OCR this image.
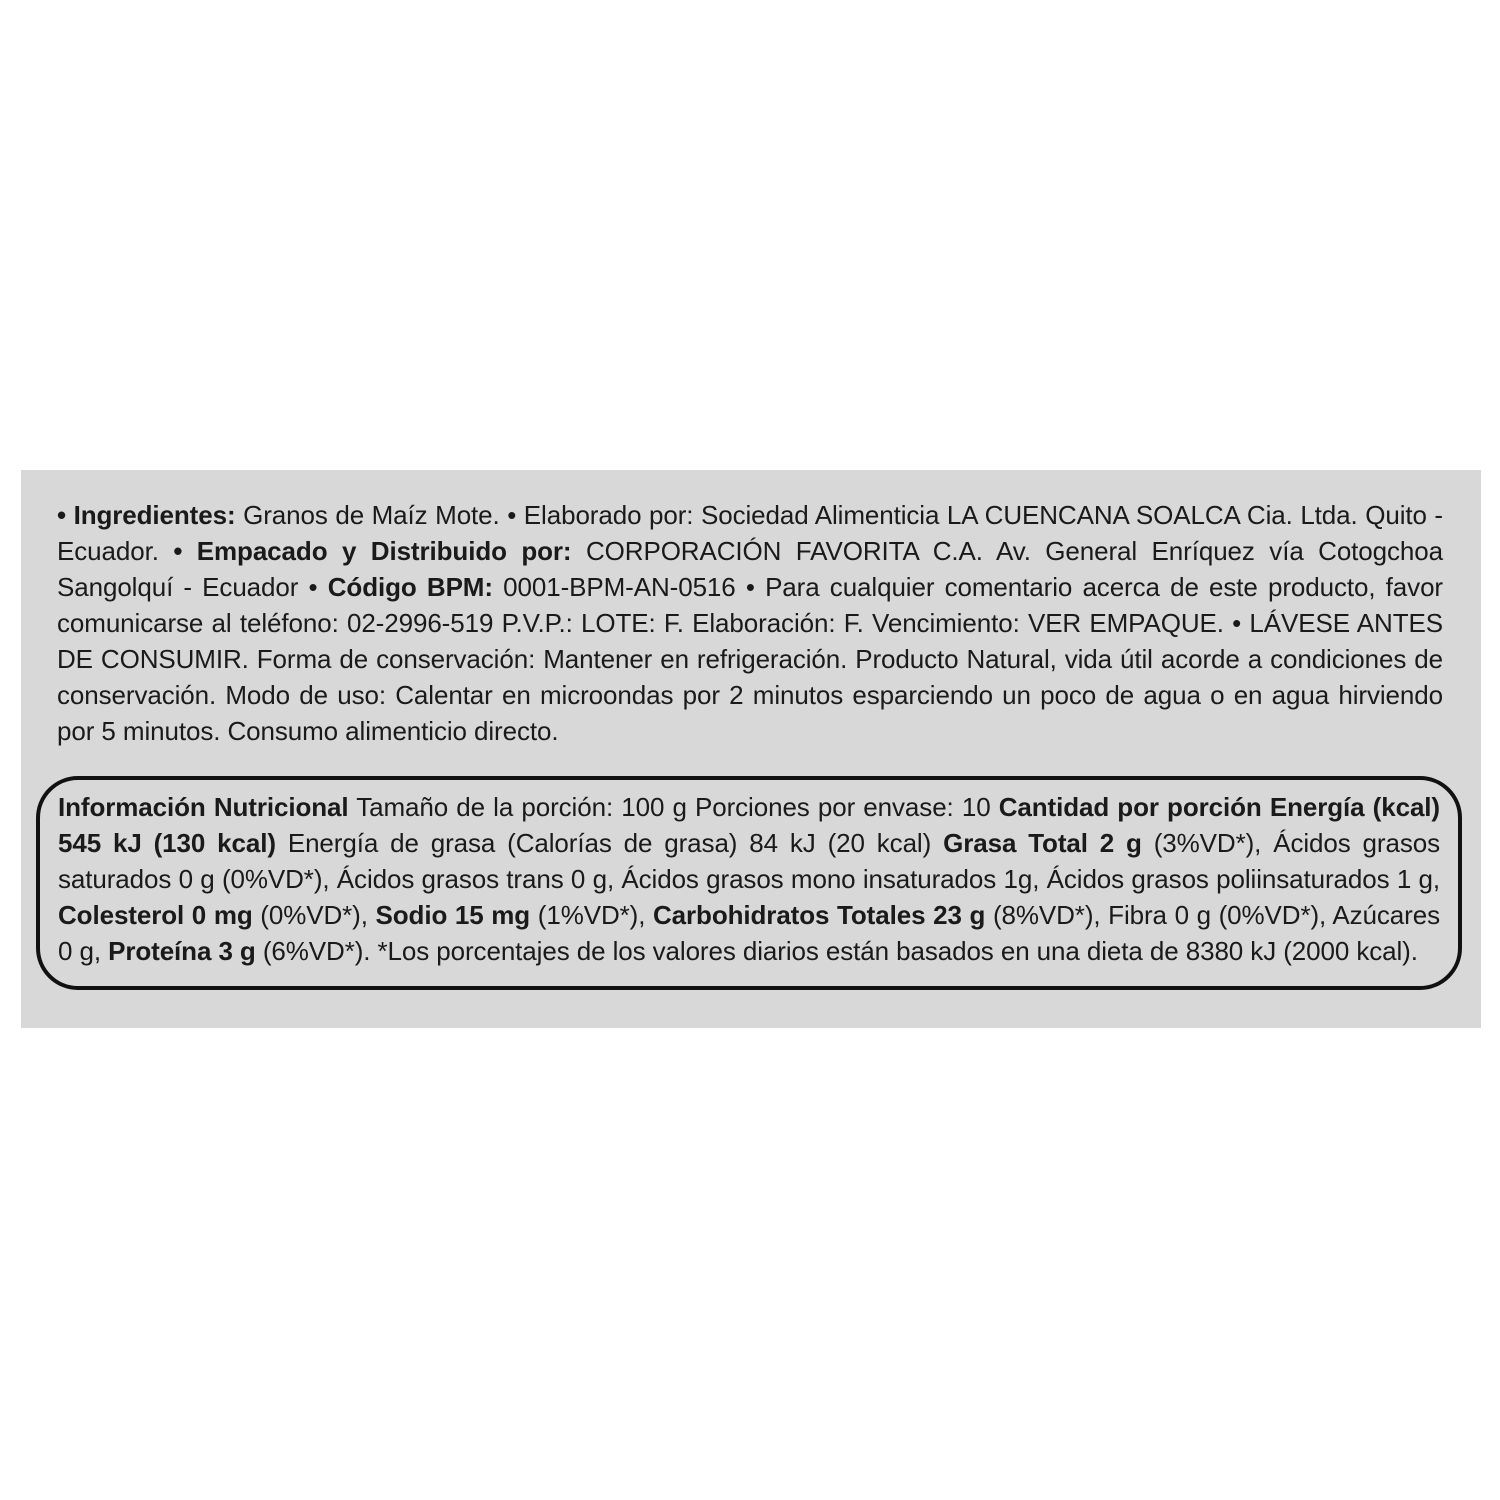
• Ingredientes: Granos de Maíz Mote. • Elaborado por: Sociedad Alimenticia LA CUENCANA SOALCA Cia. Ltda. Quito - Ecuador. • Empacado y Distribuido por: CORPORACIÓN FAVORITA C.A. Av. General Enríquez vía Cotogchoa Sangolquí - Ecuador • Código BPM: 0001-BPM-AN-0516 • Para cualquier comentario acerca de este producto, favor comunicarse al teléfono: 02-2996-519 P.V.P.: LOTE: F. Elaboración: F. Vencimiento: VER EMPAQUE. • LÁVESE ANTES DE CONSUMIR. Forma de conservación: Mantener en refrigeración. Producto Natural, vida útil acorde a condiciones de conservación. Modo de uso: Calentar en microondas por 2 minutos esparciendo un poco de agua o en agua hirviendo por 5 minutos. Consumo alimenticio directo.
Información Nutricional Tamaño de la porción: 100 g Porciones por envase: 10 Cantidad por porción Energía (kcal) 545 kJ (130 kcal) Energía de grasa (Calorías de grasa) 84 kJ (20 kcal) Grasa Total 2 g (3%VD*), Ácidos grasos saturados 0 g (0%VD*), Ácidos grasos trans 0 g, Ácidos grasos mono insaturados 1g, Ácidos grasos poliinsaturados 1 g, Colesterol 0 mg (0%VD*), Sodio 15 mg (1%VD*), Carbohidratos Totales 23 g (8%VD*), Fibra 0 g (0%VD*), Azúcares 0 g, Proteína 3 g (6%VD*). *Los porcentajes de los valores diarios están basados en una dieta de 8380 kJ (2000 kcal).
